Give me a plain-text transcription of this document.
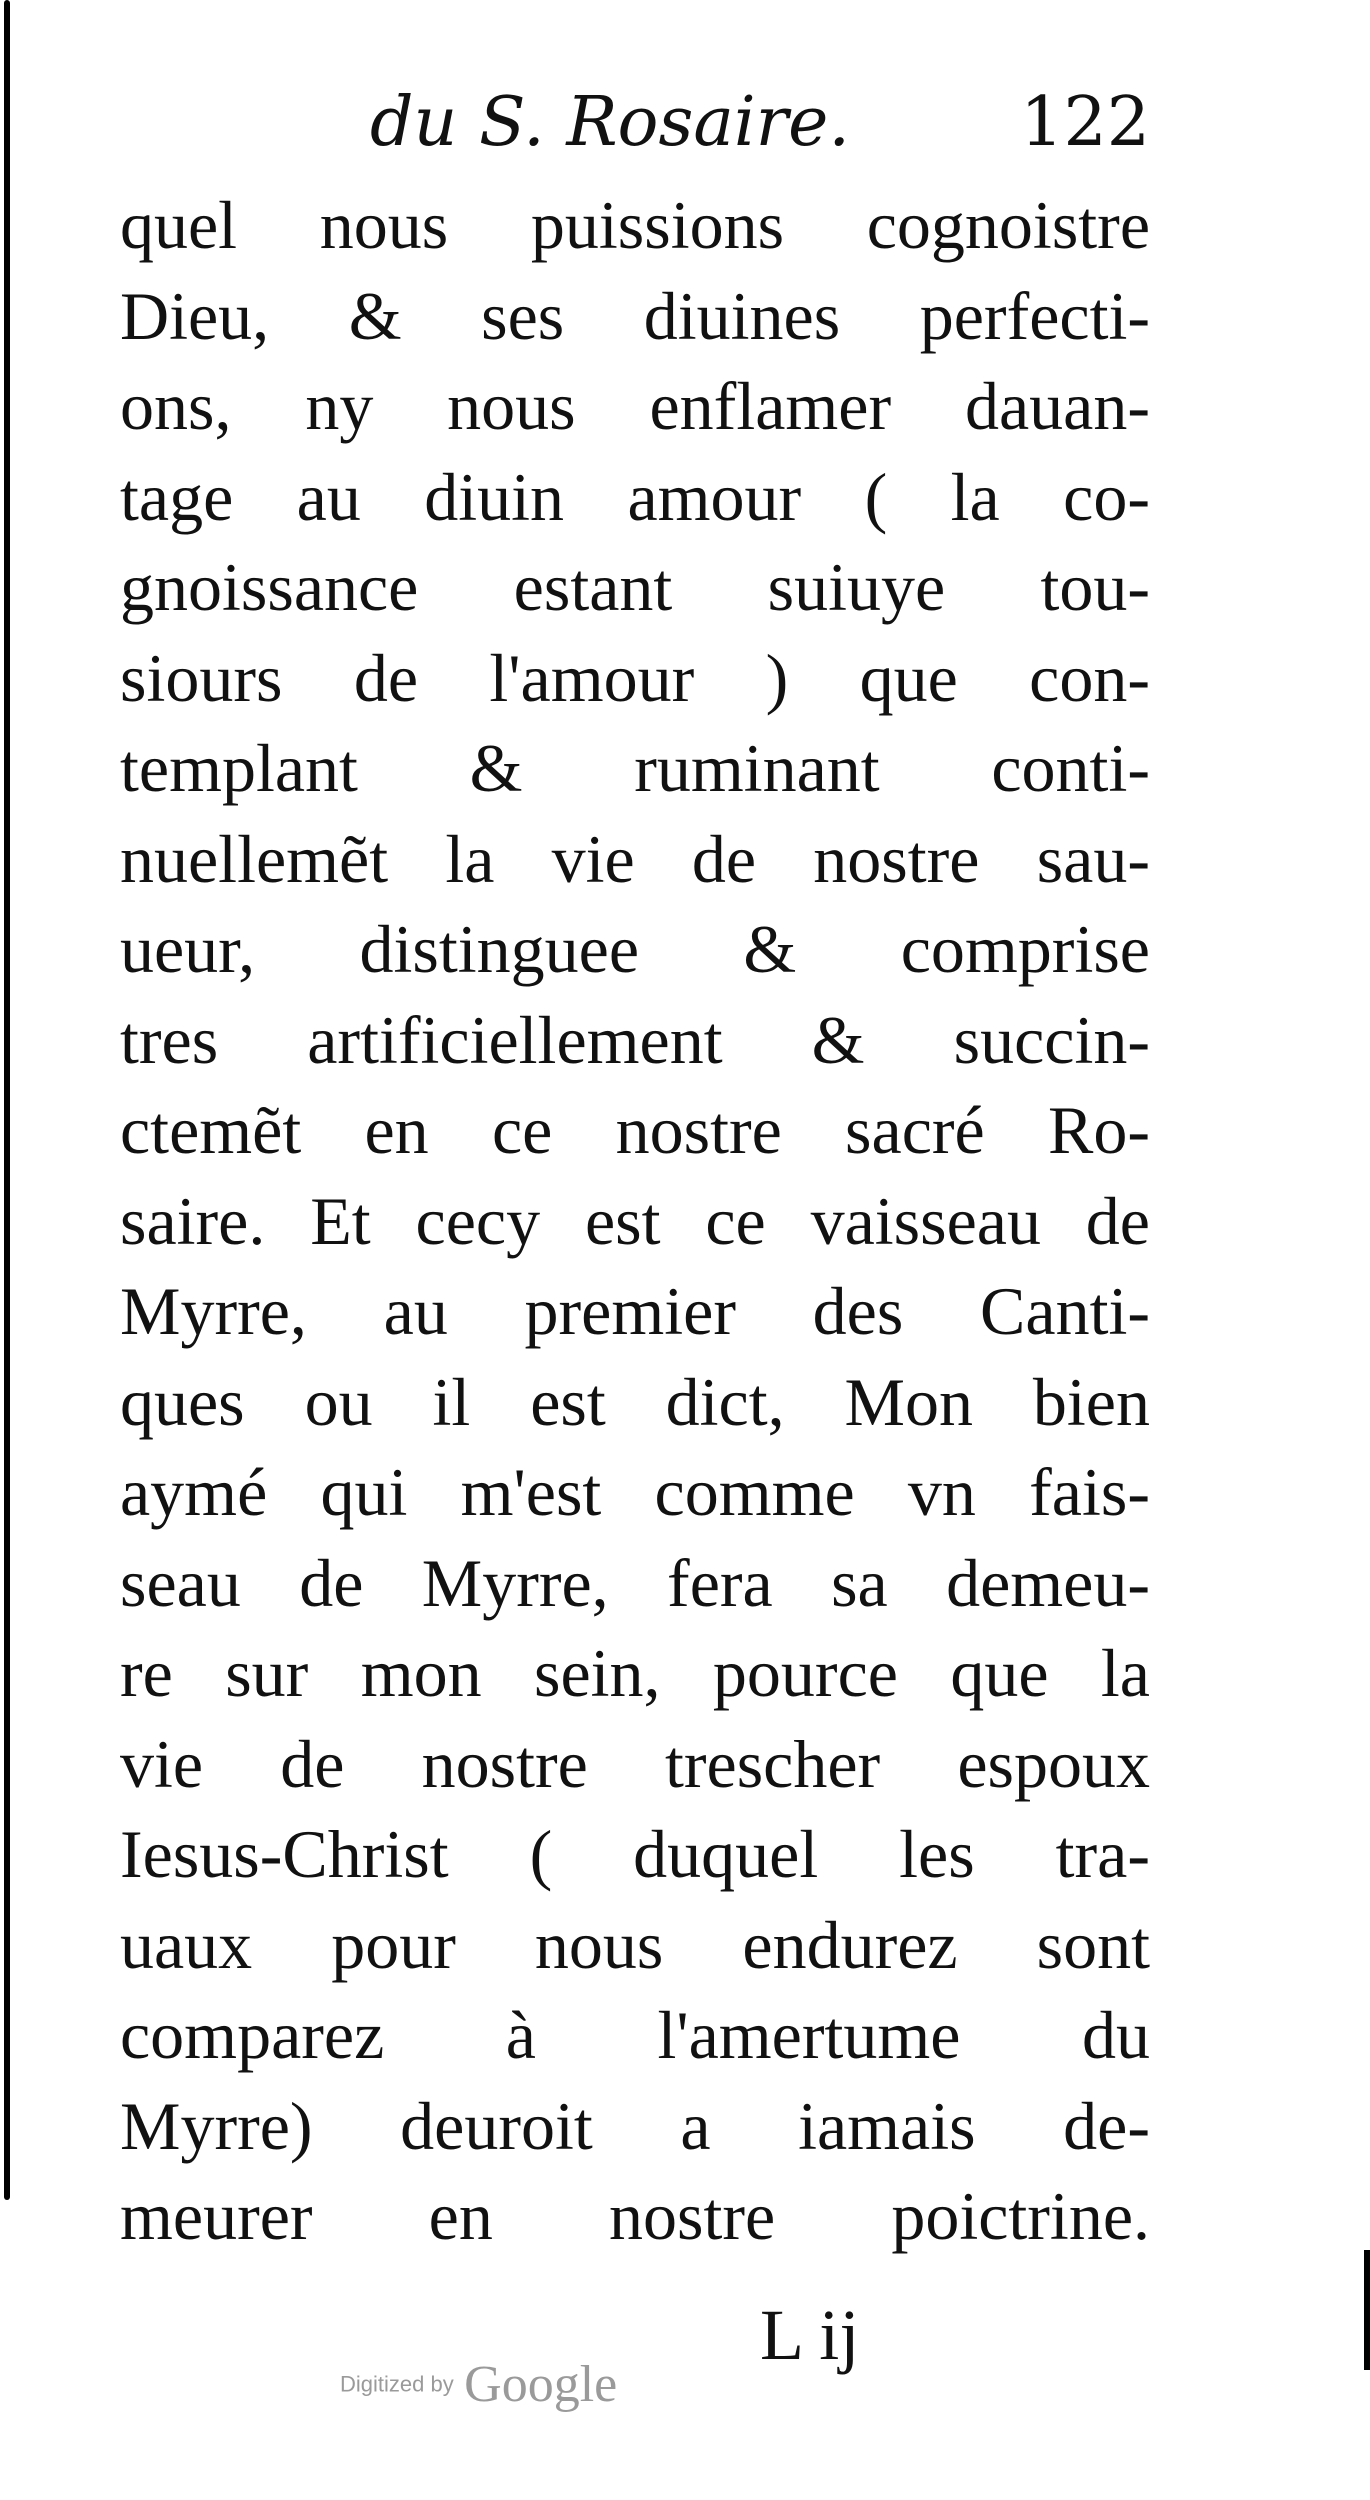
du S. Rosaire.	122
quel nous puissions cognoistre
Dieu, & ses diuines perfecti-
ons, ny nous enflamer dauan-
tage au diuin amour ( la co-
gnoissance estant suiuye tou-
siours de l'amour ) que con-
templant & ruminant conti-
nuellemẽt la vie de nostre sau-
ueur, distinguee & comprise
tres artificiellement & succin-
ctemẽt en ce nostre sacré Ro-
saire. Et cecy est ce vaisseau de
Myrre, au premier des Canti-
ques ou il est dict, Mon bien
aymé qui m'est comme vn fais-
seau de Myrre, fera sa demeu-
re sur mon sein, pource que la
vie de nostre trescher espoux
Iesus-Christ ( duquel les tra-
uaux pour nous endurez sont
comparez à l'amertume du
Myrre) deuroit a iamais de-
meurer en nostre poictrine.
L ij
Digitized by Google
